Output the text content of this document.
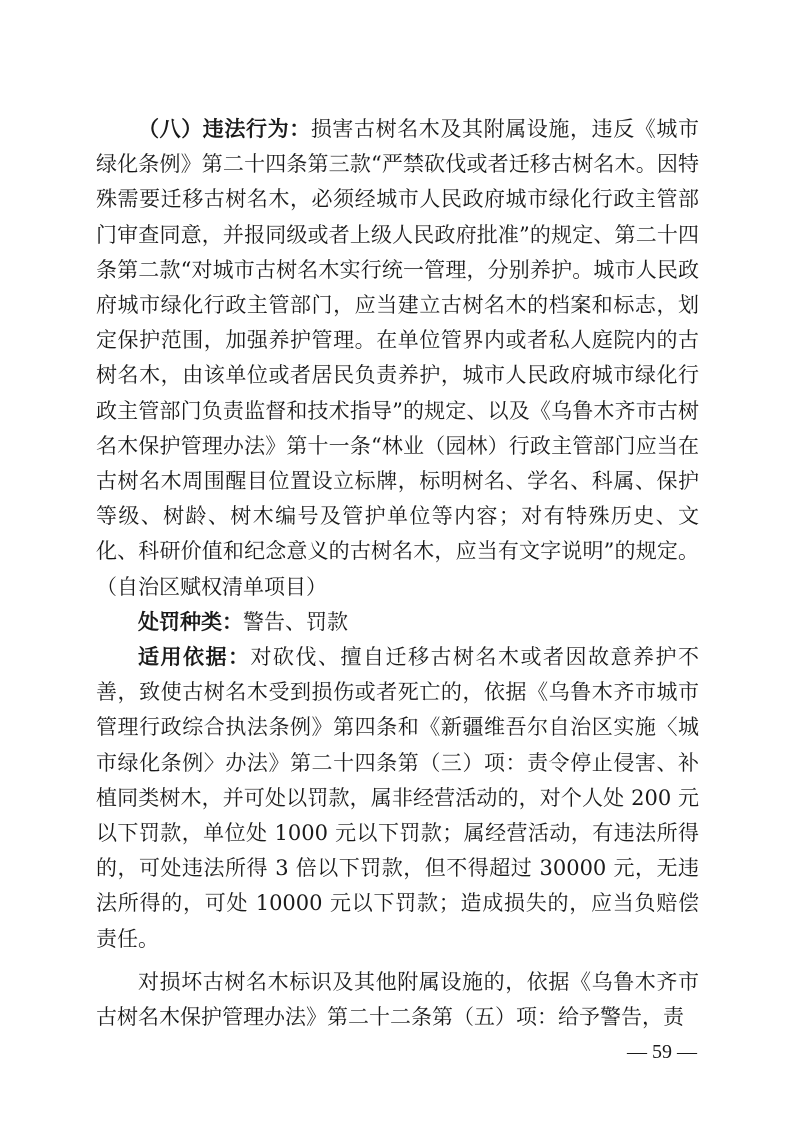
（八）违法行为：损害古树名木及其附属设施，违反《城市绿化条例》第二十四条第三款“严禁砍伐或者迁移古树名木。因特殊需要迁移古树名木，必须经城市人民政府城市绿化行政主管部门审查同意，并报同级或者上级人民政府批准”的规定、第二十四条第二款“对城市古树名木实行统一管理，分别养护。城市人民政府城市绿化行政主管部门，应当建立古树名木的档案和标志，划定保护范围，加强养护管理。在单位管界内或者私人庭院内的古树名木，由该单位或者居民负责养护，城市人民政府城市绿化行政主管部门负责监督和技术指导”的规定、以及《乌鲁木齐市古树名木保护管理办法》第十一条“林业（园林）行政主管部门应当在古树名木周围醒目位置设立标牌，标明树名、学名、科属、保护等级、树龄、树木编号及管护单位等内容；对有特殊历史、文化、科研价值和纪念意义的古树名木，应当有文字说明”的规定。（自治区赋权清单项目）

处罚种类：警告、罚款

适用依据：对砍伐、擅自迁移古树名木或者因故意养护不善，致使古树名木受到损伤或者死亡的，依据《乌鲁木齐市城市管理行政综合执法条例》第四条和《新疆维吾尔自治区实施〈城市绿化条例〉办法》第二十四条第（三）项：责令停止侵害、补植同类树木，并可处以罚款，属非经营活动的，对个人处 200 元以下罚款，单位处 1000 元以下罚款；属经营活动，有违法所得的，可处违法所得 3 倍以下罚款，但不得超过 30000 元，无违法所得的，可处 10000 元以下罚款；造成损失的，应当负赔偿责任。

对损坏古树名木标识及其他附属设施的，依据《乌鲁木齐市古树名木保护管理办法》第二十二条第（五）项：给予警告，责

— 59 —
